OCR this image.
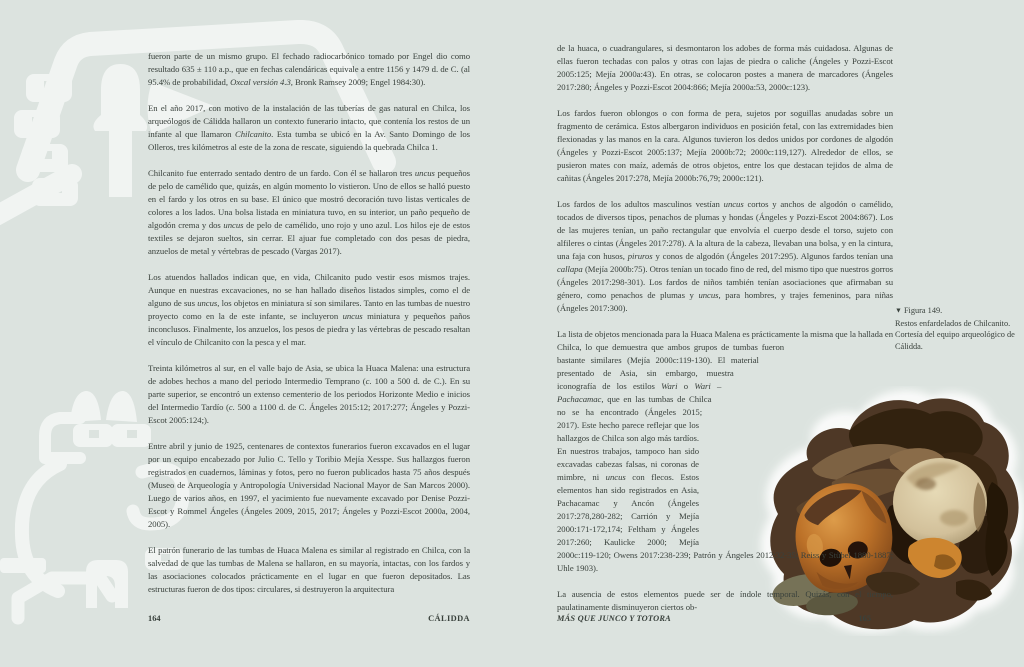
fueron parte de un mismo grupo. El fechado radiocarbónico tomado por Engel dio como resultado 635 ± 110 a.p., que en fechas calendáricas equivale a entre 1156 y 1479 d. de C. (al 95.4% de probabilidad, Oxcal versión 4.3, Bronk Ramsey 2009; Engel 1984:30).

En el año 2017, con motivo de la instalación de las tuberías de gas natural en Chilca, los arqueólogos de Cálidda hallaron un contexto funerario intacto, que contenía los restos de un infante al que llamaron Chilcanito. Esta tumba se ubicó en la Av. Santo Domingo de los Olleros, tres kilómetros al este de la zona de rescate, siguiendo la quebrada Chilca 1.

Chilcanito fue enterrado sentado dentro de un fardo. Con él se hallaron tres uncus pequeños de pelo de camélido que, quizás, en algún momento lo vistieron. Uno de ellos se halló puesto en el fardo y los otros en su base. El único que mostró decoración tuvo listas verticales de colores a los lados. Una bolsa listada en miniatura tuvo, en su interior, un paño pequeño de algodón crema y dos uncus de pelo de camélido, uno rojo y uno azul. Los hilos eje de estos textiles se dejaron sueltos, sin cerrar. El ajuar fue completado con dos pesas de piedra, anzuelos de metal y vértebras de pescado (Vargas 2017).

Los atuendos hallados indican que, en vida, Chilcanito pudo vestir esos mismos trajes. Aunque en nuestras excavaciones, no se han hallado diseños listados simples, como el de alguno de sus uncus, los objetos en miniatura sí son similares. Tanto en las tumbas de nuestro proyecto como en la de este infante, se incluyeron uncus miniatura y pequeños paños inconclusos. Finalmente, los anzuelos, los pesos de piedra y las vértebras de pescado resaltan el vínculo de Chilcanito con la pesca y el mar.

Treinta kilómetros al sur, en el valle bajo de Asia, se ubica la Huaca Malena: una estructura de adobes hechos a mano del periodo Intermedio Temprano (c. 100 a 500 d. de C.). En su parte superior, se encontró un extenso cementerio de los periodos Horizonte Medio e inicios del Intermedio Tardío (c. 500 a 1100 d. de C. Ángeles 2015:12; 2017:277; Ángeles y Pozzi-Escot 2005:124;).

Entre abril y junio de 1925, centenares de contextos funerarios fueron excavados en el lugar por un equipo encabezado por Julio C. Tello y Toribio Mejía Xesspe. Sus hallazgos fueron registrados en cuadernos, láminas y fotos, pero no fueron publicados hasta 75 años después (Museo de Arqueología y Antropología Universidad Nacional Mayor de San Marcos 2000). Luego de varios años, en 1997, el yacimiento fue nuevamente excavado por Denise Pozzi-Escot y Rommel Ángeles (Ángeles 2009, 2015, 2017; Ángeles y Pozzi-Escot 2000a, 2004, 2005).

El patrón funerario de las tumbas de Huaca Malena es similar al registrado en Chilca, con la salvedad de que las tumbas de Malena se hallaron, en su mayoría, intactas, con los fardos y las asociaciones colocados prácticamente en el lugar en que fueron depositados. Las estructuras fueron de dos tipos: circulares, si destruyeron la arquitectura

164	CÁLIDDA

de la huaca, o cuadrangulares, si desmontaron los adobes de forma más cuidadosa. Algunas de ellas fueron techadas con palos y otras con lajas de piedra o caliche (Ángeles y Pozzi-Escot 2005:125; Mejía 2000a:43). En otras, se colocaron postes a manera de marcadores (Ángeles 2017:280; Ángeles y Pozzi-Escot 2004:866; Mejía 2000a:53, 2000c:123).

Los fardos fueron oblongos o con forma de pera, sujetos por soguillas anudadas sobre un fragmento de cerámica. Estos albergaron individuos en posición fetal, con las extremidades bien flexionadas y las manos en la cara. Algunos tuvieron los dedos unidos por cordones de algodón (Ángeles y Pozzi-Escot 2005:137; Mejía 2000b:72; 2000c:119,127). Alrededor de ellos, se pusieron mates con maíz, además de otros objetos, entre los que destacan tejidos de alma de cañitas (Ángeles 2017:278, Mejía 2000b:76,79; 2000c:121).

Los fardos de los adultos masculinos vestían uncus cortos y anchos de algodón o camélido, tocados de diversos tipos, penachos de plumas y hondas (Ángeles y Pozzi-Escot 2004:867). Los de las mujeres tenían, un paño rectangular que envolvía el cuerpo desde el torso, sujeto con alfileres o cintas (Ángeles 2017:278). A la altura de la cabeza, llevaban una bolsa, y en la cintura, una faja con husos, piruros y conos de algodón (Ángeles 2017:295). Algunos fardos tenían una callapa (Mejía 2000b:75). Otros tenían un tocado fino de red, del mismo tipo que nuestros gorros (Ángeles 2017:298-301). Los fardos de niños también tenían asociaciones que afirmaban su género, como penachos de plumas y uncus, para hombres, y trajes femeninos, para niñas (Ángeles 2017:300).

La lista de objetos mencionada para la Huaca Malena es prácticamente la misma que la hallada en Chilca, lo que demuestra que ambos grupos de tumbas fueron bastante similares (Mejía 2000c:119-130). El material presentado de Asia, sin embargo, muestra iconografía de los estilos Wari o Wari – Pachacamac, que en las tumbas de Chilca no se ha encontrado (Ángeles 2015; 2017). Este hecho parece reflejar que los hallazgos de Chilca son algo más tardíos. En nuestros trabajos, tampoco han sido excavadas cabezas falsas, ni coronas de mimbre, ni uncus con flecos. Estos elementos han sido registrados en Asia, Pachacamac y Ancón (Ángeles 2017:278,280-282; Carrión y Mejía 2000:171-172,174; Feltham y Ángeles 2017:260; Kaulicke 2000; Mejía 2000c:119-120; Owens 2017:238-239; Patrón y Ángeles 2012:32-35; Reiss y Stübel 1880-1887; Uhle 1903).

La ausencia de estos elementos puede ser de índole temporal. Quizás, con el tiempo, paulatinamente disminuyeron ciertos ob-

▼ Figura 149.
Restos enfardelados de Chilcanito. Cortesía del equipo arqueológico de Cálidda.
MÁS QUE JUNCO Y TOTORA	165
